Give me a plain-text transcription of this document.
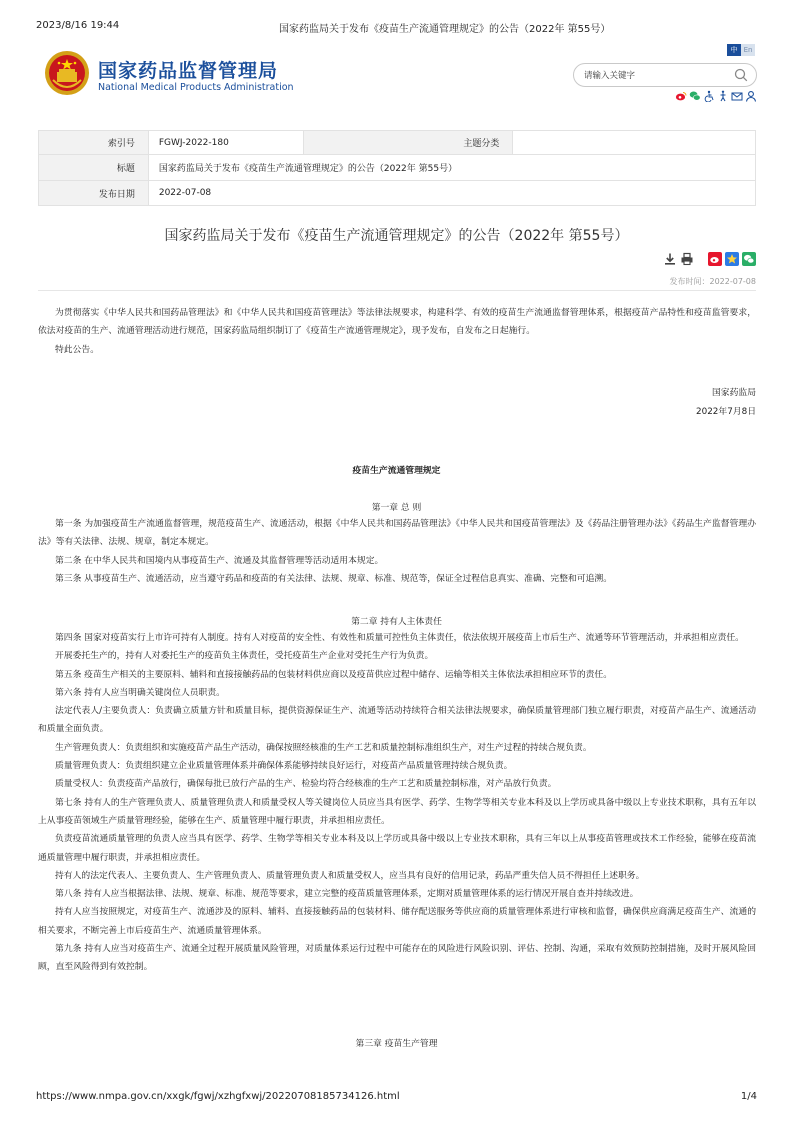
2023/8/16 19:44	国家药监局关于发布《疫苗生产流通管理规定》的公告（2022年 第55号）
国家药品监督管理局
National Medical Products Administration
中 En
请输入关键字
索引号	FGWJ-2022-180	主题分类	
标题	国家药监局关于发布《疫苗生产流通管理规定》的公告（2022年 第55号）		
发布日期	2022-07-08		
国家药监局关于发布《疫苗生产流通管理规定》的公告（2022年 第55号）
发布时间：2022-07-08

为贯彻落实《中华人民共和国药品管理法》和《中华人民共和国疫苗管理法》等法律法规要求，构建科学、有效的疫苗生产流通监督管理体系，根据疫苗产品特性和疫苗监管要求，依法对疫苗的生产、流通管理活动进行规范，国家药监局组织制订了《疫苗生产流通管理规定》，现予发布，自发布之日起施行。

特此公告。

国家药监局
2022年7月8日
疫苗生产流通管理规定
第一章 总 则

第一条 为加强疫苗生产流通监督管理，规范疫苗生产、流通活动，根据《中华人民共和国药品管理法》《中华人民共和国疫苗管理法》及《药品注册管理办法》《药品生产监督管理办法》等有关法律、法规、规章，制定本规定。

第二条 在中华人民共和国境内从事疫苗生产、流通及其监督管理等活动适用本规定。

第三条 从事疫苗生产、流通活动，应当遵守药品和疫苗的有关法律、法规、规章、标准、规范等，保证全过程信息真实、准确、完整和可追溯。

第二章 持有人主体责任

第四条 国家对疫苗实行上市许可持有人制度。持有人对疫苗的安全性、有效性和质量可控性负主体责任，依法依规开展疫苗上市后生产、流通等环节管理活动，并承担相应责任。

开展委托生产的，持有人对委托生产的疫苗负主体责任，受托疫苗生产企业对受托生产行为负责。

第五条 疫苗生产相关的主要原料、辅料和直接接触药品的包装材料供应商以及疫苗供应过程中储存、运输等相关主体依法承担相应环节的责任。

第六条 持有人应当明确关键岗位人员职责。

法定代表人/主要负责人：负责确立质量方针和质量目标，提供资源保证生产、流通等活动持续符合相关法律法规要求，确保质量管理部门独立履行职责，对疫苗产品生产、流通活动和质量全面负责。

生产管理负责人：负责组织和实施疫苗产品生产活动，确保按照经核准的生产工艺和质量控制标准组织生产，对生产过程的持续合规负责。

质量管理负责人：负责组织建立企业质量管理体系并确保体系能够持续良好运行，对疫苗产品质量管理持续合规负责。

质量受权人：负责疫苗产品放行，确保每批已放行产品的生产、检验均符合经核准的生产工艺和质量控制标准，对产品放行负责。

第七条 持有人的生产管理负责人、质量管理负责人和质量受权人等关键岗位人员应当具有医学、药学、生物学等相关专业本科及以上学历或具备中级以上专业技术职称，具有五年以上从事疫苗领域生产质量管理经验，能够在生产、质量管理中履行职责，并承担相应责任。

负责疫苗流通质量管理的负责人应当具有医学、药学、生物学等相关专业本科及以上学历或具备中级以上专业技术职称，具有三年以上从事疫苗管理或技术工作经验，能够在疫苗流通质量管理中履行职责，并承担相应责任。

持有人的法定代表人、主要负责人、生产管理负责人、质量管理负责人和质量受权人，应当具有良好的信用记录，药品严重失信人员不得担任上述职务。

第八条 持有人应当根据法律、法规、规章、标准、规范等要求，建立完整的疫苗质量管理体系，定期对质量管理体系的运行情况开展自查并持续改进。

持有人应当按照规定，对疫苗生产、流通涉及的原料、辅料、直接接触药品的包装材料、储存配送服务等供应商的质量管理体系进行审核和监督，确保供应商满足疫苗生产、流通的相关要求，不断完善上市后疫苗生产、流通质量管理体系。

第九条 持有人应当对疫苗生产、流通全过程开展质量风险管理，对质量体系运行过程中可能存在的风险进行风险识别、评估、控制、沟通，采取有效预防控制措施，及时开展风险回顾，直至风险得到有效控制。

第三章 疫苗生产管理
https://www.nmpa.gov.cn/xxgk/fgwj/xzhgfxwj/20220708185734126.html	1/4
